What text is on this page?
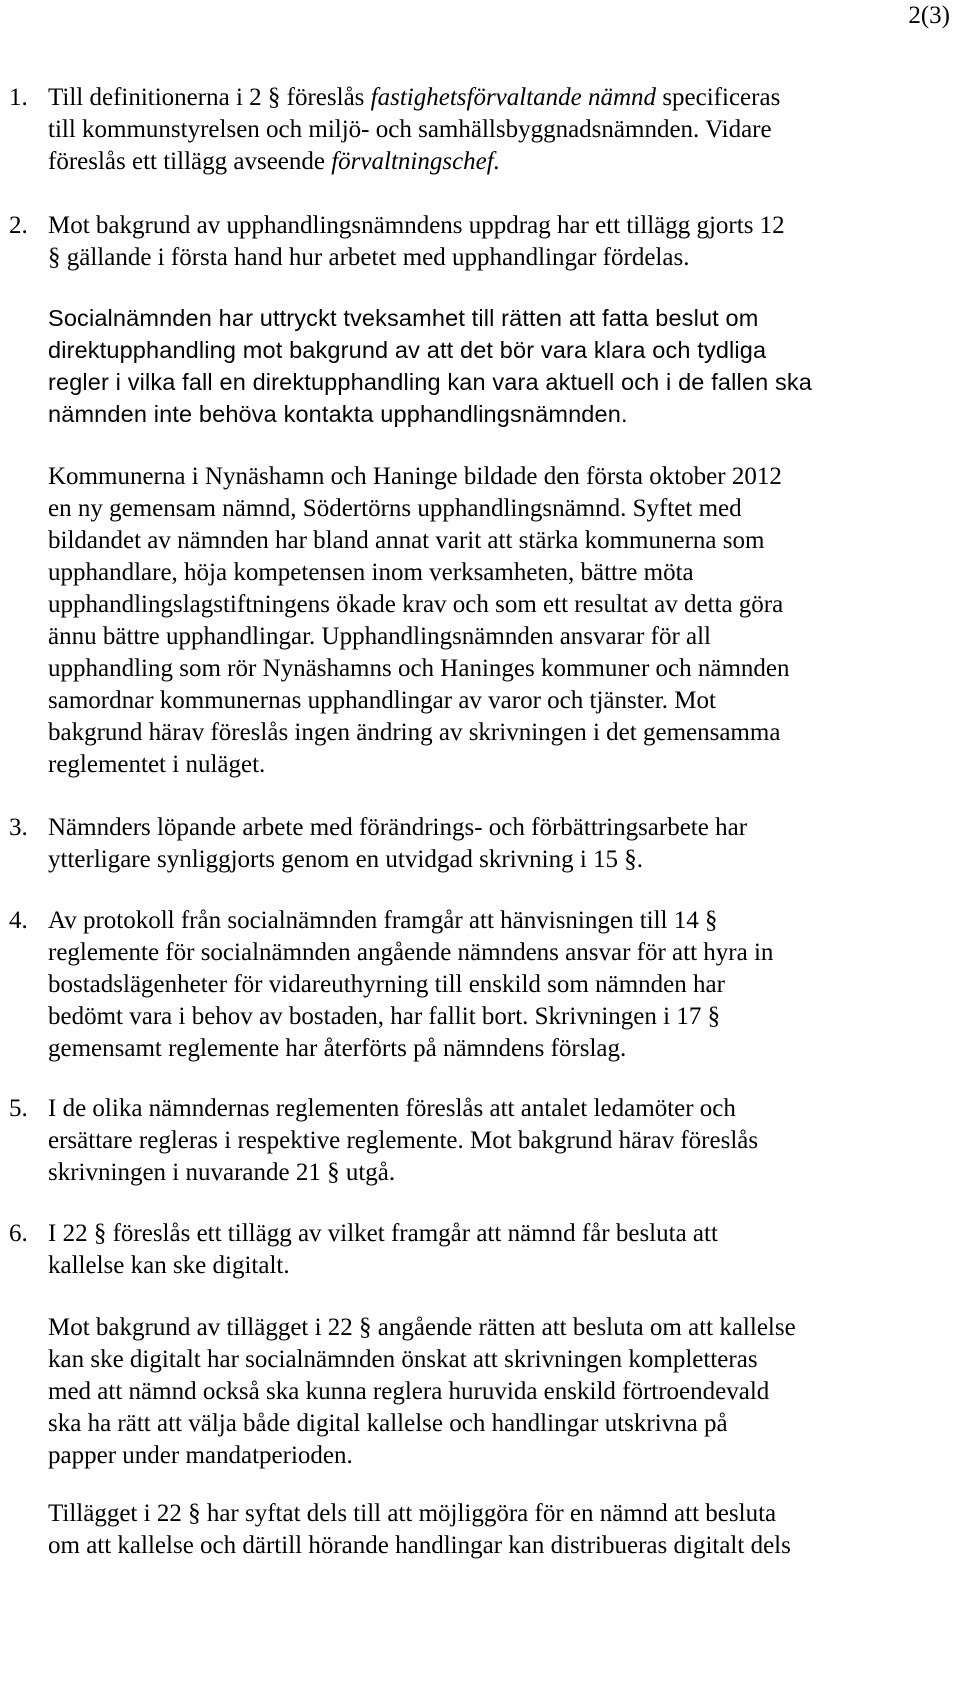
2(3)
1. Till definitionerna i 2 § föreslås fastighetsförvaltande nämnd specificeras
till kommunstyrelsen och miljö- och samhällsbyggnadsnämnden. Vidare
föreslås ett tillägg avseende förvaltningschef.
2. Mot bakgrund av upphandlingsnämndens uppdrag har ett tillägg gjorts 12
§ gällande i första hand hur arbetet med upphandlingar fördelas.
Socialnämnden har uttryckt tveksamhet till rätten att fatta beslut om
direktupphandling mot bakgrund av att det bör vara klara och tydliga
regler i vilka fall en direktupphandling kan vara aktuell och i de fallen ska
nämnden inte behöva kontakta upphandlingsnämnden.
Kommunerna i Nynäshamn och Haninge bildade den första oktober 2012
en ny gemensam nämnd, Södertörns upphandlingsnämnd. Syftet med
bildandet av nämnden har bland annat varit att stärka kommunerna som
upphandlare, höja kompetensen inom verksamheten, bättre möta
upphandlingslagstiftningens ökade krav och som ett resultat av detta göra
ännu bättre upphandlingar. Upphandlingsnämnden ansvarar för all
upphandling som rör Nynäshamns och Haninges kommuner och nämnden
samordnar kommunernas upphandlingar av varor och tjänster. Mot
bakgrund härav föreslås ingen ändring av skrivningen i det gemensamma
reglementet i nuläget.
3. Nämnders löpande arbete med förändrings- och förbättringsarbete har
ytterligare synliggjorts genom en utvidgad skrivning i 15 §.
4. Av protokoll från socialnämnden framgår att hänvisningen till 14 §
reglemente för socialnämnden angående nämndens ansvar för att hyra in
bostadslägenheter för vidareuthyrning till enskild som nämnden har
bedömt vara i behov av bostaden, har fallit bort. Skrivningen i 17 §
gemensamt reglemente har återförts på nämndens förslag.
5. I de olika nämndernas reglementen föreslås att antalet ledamöter och
ersättare regleras i respektive reglemente. Mot bakgrund härav föreslås
skrivningen i nuvarande 21 § utgå.
6. I 22 § föreslås ett tillägg av vilket framgår att nämnd får besluta att
kallelse kan ske digitalt.
Mot bakgrund av tillägget i 22 § angående rätten att besluta om att kallelse
kan ske digitalt har socialnämnden önskat att skrivningen kompletteras
med att nämnd också ska kunna reglera huruvida enskild förtroendevald
ska ha rätt att välja både digital kallelse och handlingar utskrivna på
papper under mandatperioden.
Tillägget i 22 § har syftat dels till att möjliggöra för en nämnd att besluta
om att kallelse och därtill hörande handlingar kan distribueras digitalt dels
